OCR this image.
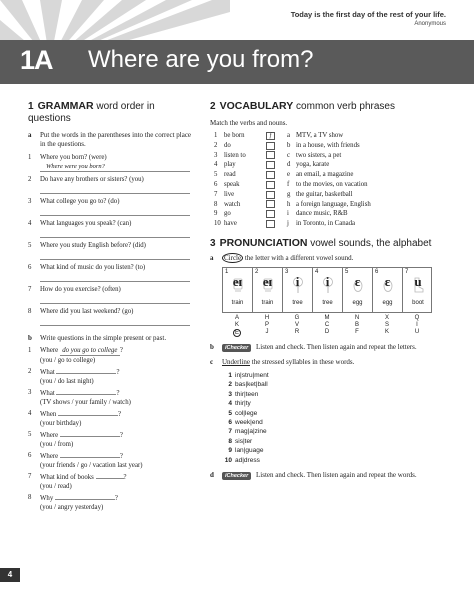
Today is the first day of the rest of your life.
Anonymous
1A Where are you from?
1 GRAMMAR word order in questions
a Put the words in the parentheses into the correct place in the questions.
1 Where you born? (were)
Where were you born?
2 Do have any brothers or sisters? (you)
3 What college you go to? (do)
4 What languages you speak? (can)
5 Where you study English before? (did)
6 What kind of music do you listen? (to)
7 How do you exercise? (often)
8 Where did you last weekend? (go)
b Write questions in the simple present or past.
1 Where do you go to college ?
(you / go to college)
2 What	?
(you / do last night)
3 What	?
(TV shows / your family / watch)
4 When	?
(your birthday)
5 Where	?
(you / from)
6 Where	?
(your friends / go / vacation last year)
7 What kind of books	?
(you / read)
8 Why	?
(you / angry yesterday)
2 VOCABULARY common verb phrases
Match the verbs and nouns.
1 be born	f	a MTV, a TV show
2 do	b in a house, with friends
3 listen to	c two sisters, a pet
4 play	d yoga, karate
5 read	e an email, a magazine
6 speak	f to the movies, on vacation
7 live	g the guitar, basketball
8 watch	h a foreign language, English
9 go	i	dance music, R&B
10 have	j	in Toronto, in Canada
3 PRONUNCIATION vowel sounds, the alphabet
a Circle the letter with a different vowel sound.
1
eɪ
train
2
eɪ
train
3
i
tree
4
i
tree
5
ɛ
egg
6
ɛ
egg
7
u
boot
A	H	G	M	N	X	Q
K	P	V	C	B	S	I
E	J	R	D	F	K	U
b iChecker Listen and check. Then listen again and repeat the letters.
c Underline the stressed syllables in these words.
1 in|stru|ment
2 bas|ket|ball
3 thir|teen
4 thir|ty
5 col|lege
6 week|end
7 mag|a|zine
8 sis|ter
9 lan|guage
10 ad|dress
d iChecker Listen and check. Then listen again and repeat the words.
4
